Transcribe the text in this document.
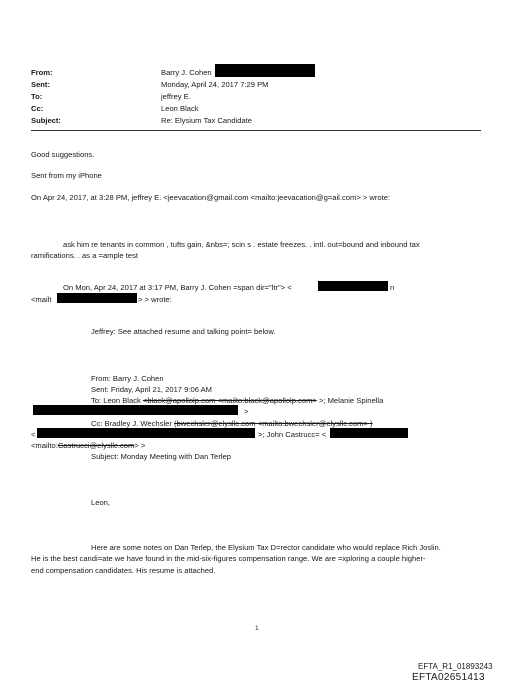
From:	Barry J. Cohen
Sent:	Monday, April 24, 2017 7:29 PM
To:	jeffrey E.
Cc:	Leon Black
Subject:	Re: Elysium Tax Candidate
Good suggestions.
Sent from my iPhone
On Apr 24, 2017, at 3:28 PM, jeffrey E. <jeevacation@gmail.com <mailto:jeevacation@g=ail.com> > wrote:
ask him re tenants in common , tufts gain, &nbs=; scin s . estate freezes. . intl. out=bound and inbound tax
ramifications. . as a =ample test
On Mon, Apr 24, 2017 at 3:17 PM, Barry J. Cohen =span dir="ltr"> <	n
<mailt	> > wrote:
Jeffrey: See attached resume and talking point= below.
From: Barry J. Cohen
Sent: Friday, April 21, 2017 9:06 AM
To: Leon Black <black@apollolp.com <mailto:black@apollolp.com> >; Melanie Spinella
>
Cc: Bradley J. Wechsler (bwechsler@elysllc.com <mailto:bwechsler@elysllc.com> )
<	>; John Castrucc= <
<mailto:Castrucci@elysllc.com> >
Subject: Monday Meeting with Dan Terlep
Leon,
Here are some notes on Dan Terlep, the Elysium Tax D=rector candidate who would replace Rich Joslin.
He is the best candi=ate we have found in the mid-six-figures compensation range. We are =xploring a couple higher-
end compensation candidates. His resume is attached.
1
EFTA_R1_01893243
EFTA02651413
